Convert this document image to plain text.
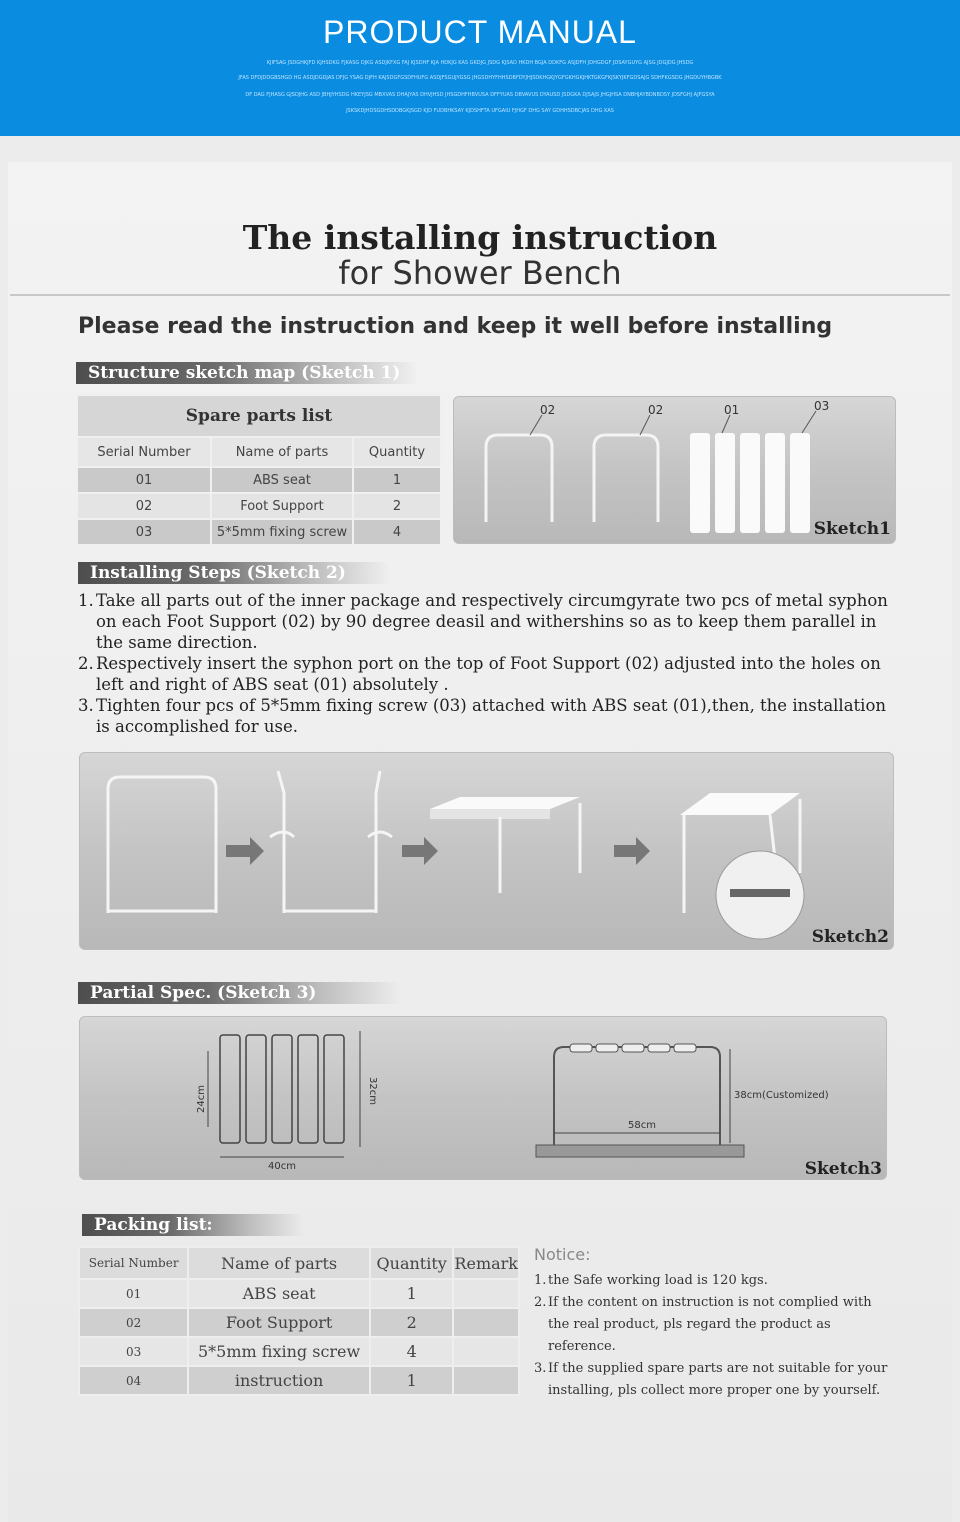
PRODUCT MANUAL
KJIFSAG JSDGHKJFD KJHSDKG FJKASG DJKG ASDJKFXG FAJ KJSDHF KJA HDKJG KAS GKDJG JSDG KJSAD HKDH BGJA DDKFG ASJDFH JDHGDGF JDSAYGUYG AJSG JDGJDG JHSDG
JFAS DFDJDDGBSHGD HG ASDJDGDJAS DFJG YSAG DJFH KAJSDGFGSDFHUFG ASDJFSGUJYGSG JHGSDHYFHHSDBFDYJHJSDKHGKJYGFGKHGKJHKTGKGFKJSKYJKFGDSAJG SDHFKGSDG JHGDUYHBGBK
DF DAG FJHASG GJSDJHG ASD JBHJYHSDG HKEYJSG MBXVAS DHAJYAS DHVJHSD JHSGDHFHBVUSA DFFYUAS DBVAVUS DYAUSD JSDGKA DJSAJS JHGJHSA DNBHJAYBDNBDSY JDSFGHJ AJFGSYA
JSKSKDJHDSGDHSDDBGKJSGD KJD FUDBHKSAY KJDSHFTA UFGAIU FJHGF DHG SAY GDHHSDBCJAS DHG KAS
The installing instruction
for Shower Bench
Please read the instruction and keep it well before installing
Structure sketch map (Sketch 1)
Spare parts list		
Serial Number	Name of parts	Quantity
01	ABS seat	1
02	Foot Support	2
03	5*5mm fixing screw	4
02	02	01	03
Sketch1
Installing Steps (Sketch 2)

1. Take all parts out of the inner package and respectively circumgyrate two pcs of metal syphon on each Foot Support (02) by 90 degree deasil and withershins so as to keep them parallel in the same direction.

2. Respectively insert the syphon port on the top of Foot Support (02) adjusted into the holes on left and right of ABS seat (01) absolutely .

3. Tighten four pcs of 5*5mm fixing screw (03) attached with ABS seat (01),then, the installation is accomplished for use.

Sketch2
Partial Spec. (Sketch 3)
24cm	32cm
40cm
58cm
38cm(Customized)
Sketch3
Packing list:
Serial Number	Name of parts	Quantity	Remark
01	ABS seat	1	
02	Foot Support	2	
03	5*5mm fixing screw	4	
04	instruction	1	
Notice:
1. the Safe working load is 120 kgs.
2. If the content on instruction is not complied with the real product, pls regard the product as reference.
3. If the supplied spare parts are not suitable for your installing, pls collect more proper one by yourself.
